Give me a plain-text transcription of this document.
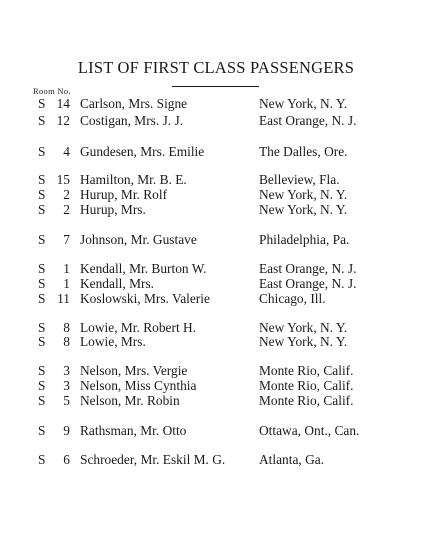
LIST OF FIRST CLASS PASSENGERS
Room No.
S 14 Carlson, Mrs. Signe	New York, N. Y.
S 12 Costigan, Mrs. J. J.	East Orange, N. J.
S	4 Gundesen, Mrs. Emilie	The Dalles, Ore.
S 15 Hamilton, Mr. B. E.	Belleview, Fla.
S	2 Hurup, Mr. Rolf	New York, N. Y.
S	2 Hurup, Mrs.	New York, N. Y.
S	7 Johnson, Mr. Gustave	Philadelphia, Pa.
S	1 Kendall, Mr. Burton W.	East Orange, N. J.
S	1 Kendall, Mrs.	East Orange, N. J.
S 11 Koslowski, Mrs. Valerie	Chicago, Ill.
S	8 Lowie, Mr. Robert H.	New York, N. Y.
S	8 Lowie, Mrs.	New York, N. Y.
S	3 Nelson, Mrs. Vergie	Monte Rio, Calif.
S	3 Nelson, Miss Cynthia	Monte Rio, Calif.
S	5 Nelson, Mr. Robin	Monte Rio, Calif.
S	9 Rathsman, Mr. Otto	Ottawa, Ont., Can.
S	6 Schroeder, Mr. Eskil M. G.	Atlanta, Ga.
